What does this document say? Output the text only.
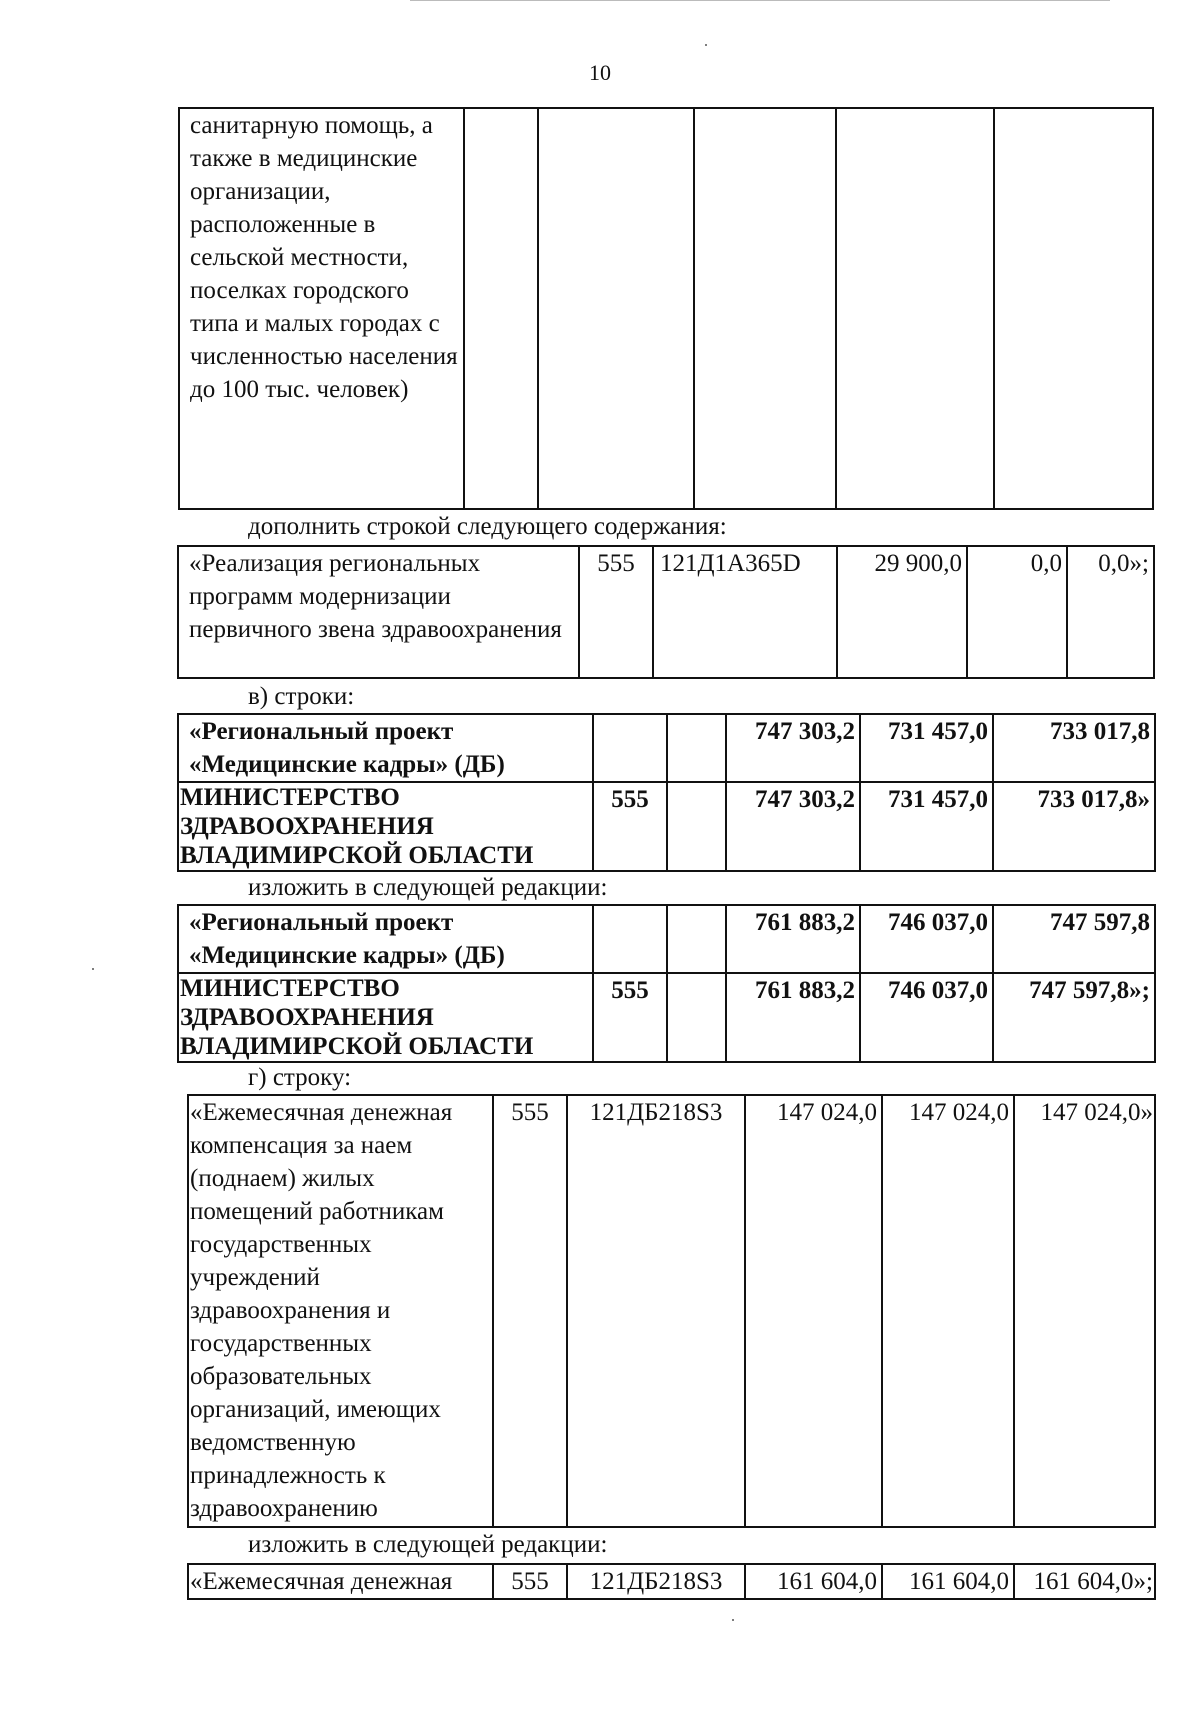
10
санитарную помощь, а также в медицинские организации, расположенные в сельской местности, поселках городского типа и малых городах с численностью населения до 100 тыс. человек)					
дополнить строкой следующего содержания:
«Реализация региональных программ модернизации первичного звена здравоохранения	555	121Д1А365D	29 900,0	0,0	0,0»;
в) строки:
«Региональный проект «Медицинские кадры» (ДБ)			747 303,2	731 457,0	733 017,8
МИНИСТЕРСТВО ЗДРАВООХРАНЕНИЯ ВЛАДИМИРСКОЙ ОБЛАСТИ	555		747 303,2	731 457,0	733 017,8»
изложить в следующей редакции:
«Региональный проект «Медицинские кадры» (ДБ)			761 883,2	746 037,0	747 597,8
МИНИСТЕРСТВО ЗДРАВООХРАНЕНИЯ ВЛАДИМИРСКОЙ ОБЛАСТИ	555		761 883,2	746 037,0	747 597,8»;
г) строку:
«Ежемесячная денежная компенсация за наем (поднаем) жилых помещений работникам государственных учреждений здравоохранения и государственных образовательных организаций, имеющих ведомственную принадлежность к здравоохранению	555	121ДБ218S3	147 024,0	147 024,0	147 024,0»
изложить в следующей редакции:
«Ежемесячная денежная	555	121ДБ218S3	161 604,0	161 604,0	161 604,0»;
